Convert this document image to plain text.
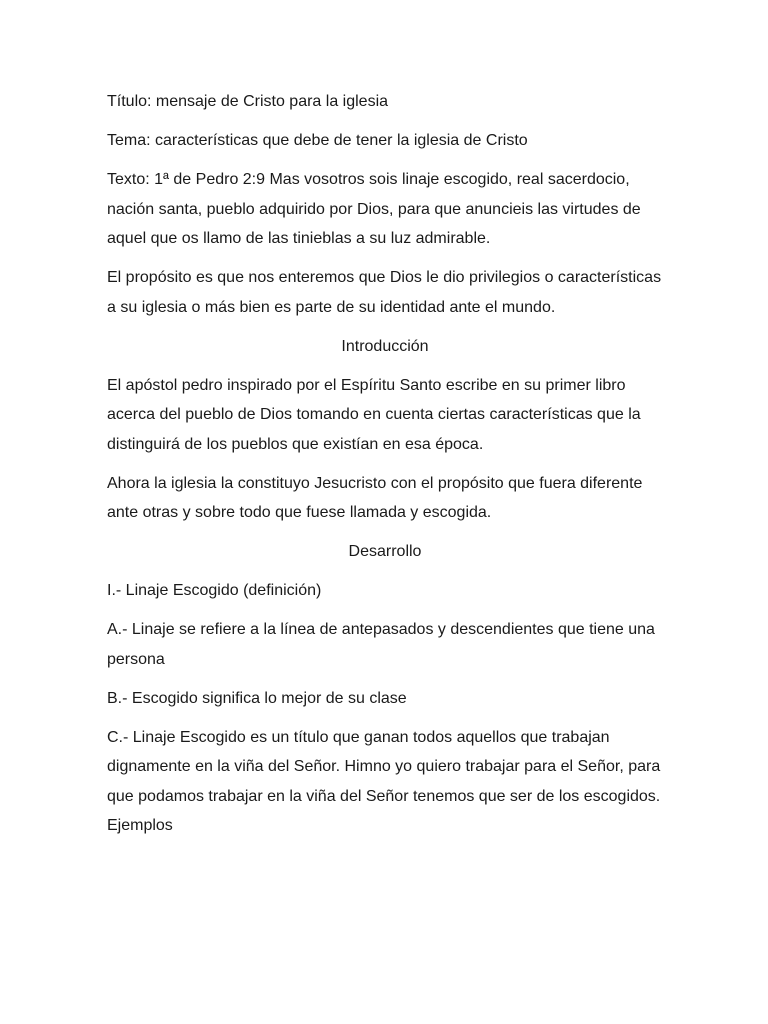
Título: mensaje de Cristo para la iglesia

Tema: características que debe de tener la iglesia de Cristo

Texto: 1ª de Pedro 2:9 Mas vosotros sois linaje escogido, real sacerdocio, nación santa, pueblo adquirido por Dios, para que anuncieis las virtudes de aquel que os llamo de las tinieblas a su luz admirable.

El propósito es que nos enteremos que Dios le dio privilegios o características a su iglesia o más bien es parte de su identidad ante el mundo.

Introducción

El apóstol pedro inspirado por el Espíritu Santo escribe en su primer libro acerca del pueblo de Dios tomando en cuenta ciertas características que la distinguirá de los pueblos que existían en esa época.

Ahora la iglesia la constituyo Jesucristo con el propósito que fuera diferente ante otras y sobre todo que fuese llamada y escogida.

Desarrollo

I.- Linaje Escogido (definición)

A.- Linaje se refiere a la línea de antepasados y descendientes que tiene una persona

B.- Escogido significa lo mejor de su clase

C.- Linaje Escogido es un título que ganan todos aquellos que trabajan dignamente en la viña del Señor. Himno yo quiero trabajar para el Señor, para que podamos trabajar en la viña del Señor tenemos que ser de los escogidos. Ejemplos
